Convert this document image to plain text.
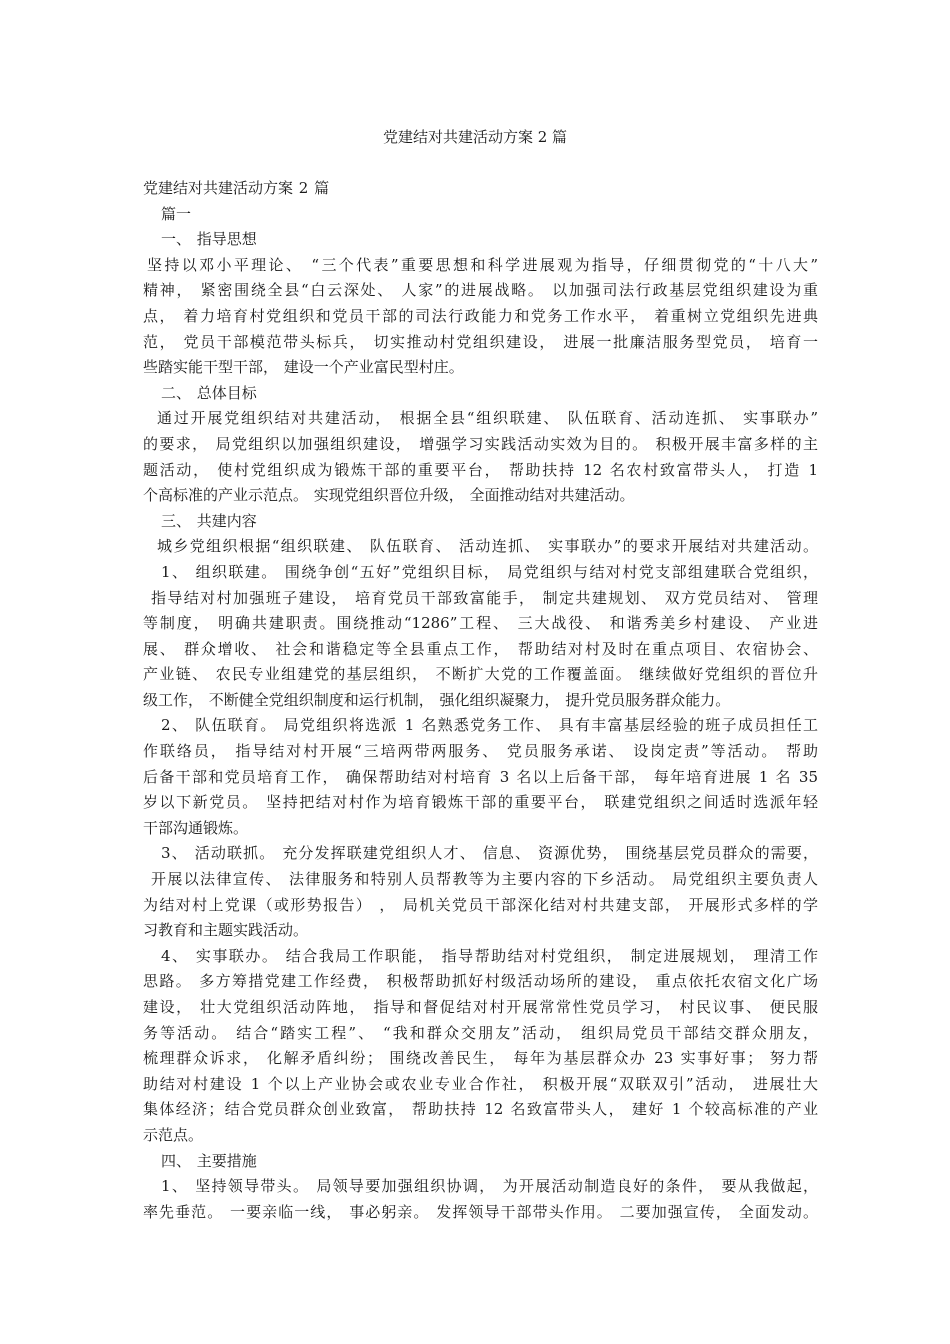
党建结对共建活动方案 2 篇
党建结对共建活动方案 2 篇
篇一
一、 指导思想
坚持以邓小平理论、 “三个代表”重要思想和科学进展观为指导，仔细贯彻党的“十八大”
精神， 紧密围绕全县“白云深处、 人家”的进展战略。 以加强司法行政基层党组织建设为重
点， 着力培育村党组织和党员干部的司法行政能力和党务工作水平， 着重树立党组织先进典
范， 党员干部模范带头标兵， 切实推动村党组织建设， 进展一批廉洁服务型党员， 培育一
些踏实能干型干部， 建设一个产业富民型村庄。
二、 总体目标
通过开展党组织结对共建活动， 根据全县“组织联建、 队伍联育、活动连抓、 实事联办”
的要求， 局党组织以加强组织建设， 增强学习实践活动实效为目的。 积极开展丰富多样的主
题活动， 使村党组织成为锻炼干部的重要平台， 帮助扶持 12 名农村致富带头人， 打造 1
个高标准的产业示范点。 实现党组织晋位升级， 全面推动结对共建活动。
三、 共建内容
城乡党组织根据“组织联建、 队伍联育、 活动连抓、 实事联办”的要求开展结对共建活动。
1、 组织联建。 围绕争创“五好”党组织目标， 局党组织与结对村党支部组建联合党组织，
指导结对村加强班子建设， 培育党员干部致富能手， 制定共建规划、 双方党员结对、 管理
等制度， 明确共建职责。围绕推动“1286”工程、 三大战役、 和谐秀美乡村建设、 产业进
展、 群众增收、 社会和谐稳定等全县重点工作， 帮助结对村及时在重点项目、农宿协会、
产业链、 农民专业组建党的基层组织， 不断扩大党的工作覆盖面。 继续做好党组织的晋位升
级工作， 不断健全党组织制度和运行机制， 强化组织凝聚力， 提升党员服务群众能力。
2、 队伍联育。 局党组织将选派 1 名熟悉党务工作、 具有丰富基层经验的班子成员担任工
作联络员， 指导结对村开展“三培两带两服务、 党员服务承诺、 设岗定责”等活动。 帮助
后备干部和党员培育工作， 确保帮助结对村培育 3 名以上后备干部， 每年培育进展 1 名 35
岁以下新党员。 坚持把结对村作为培育锻炼干部的重要平台， 联建党组织之间适时选派年轻
干部沟通锻炼。
3、 活动联抓。 充分发挥联建党组织人才、 信息、 资源优势， 围绕基层党员群众的需要，
开展以法律宣传、 法律服务和特别人员帮教等为主要内容的下乡活动。 局党组织主要负责人
为结对村上党课（或形势报告） ， 局机关党员干部深化结对村共建支部， 开展形式多样的学
习教育和主题实践活动。
4、 实事联办。 结合我局工作职能， 指导帮助结对村党组织， 制定进展规划， 理清工作
思路。 多方筹措党建工作经费， 积极帮助抓好村级活动场所的建设， 重点依托农宿文化广场
建设， 壮大党组织活动阵地， 指导和督促结对村开展常常性党员学习， 村民议事、 便民服
务等活动。 结合“踏实工程”、 “我和群众交朋友”活动， 组织局党员干部结交群众朋友，
梳理群众诉求， 化解矛盾纠纷； 围绕改善民生， 每年为基层群众办 23 实事好事； 努力帮
助结对村建设 1 个以上产业协会或农业专业合作社， 积极开展“双联双引”活动， 进展壮大
集体经济；结合党员群众创业致富， 帮助扶持 12 名致富带头人， 建好 1 个较高标准的产业
示范点。
四、 主要措施
1、 坚持领导带头。 局领导要加强组织协调， 为开展活动制造良好的条件， 要从我做起，
率先垂范。 一要亲临一线， 事必躬亲。 发挥领导干部带头作用。 二要加强宣传， 全面发动。
